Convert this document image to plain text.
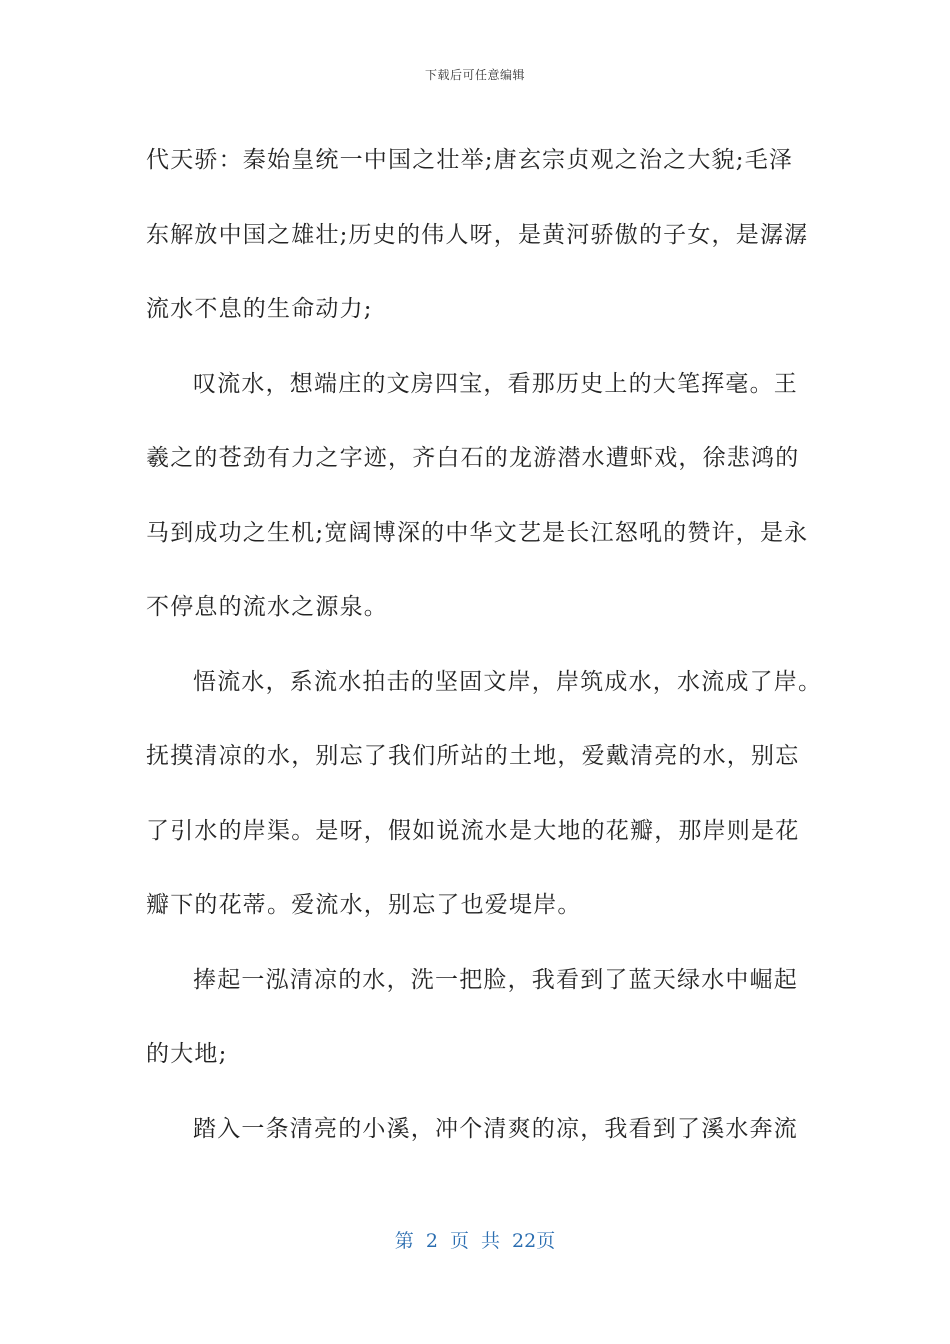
下载后可任意编辑
代天骄：秦始皇统一中国之壮举;唐玄宗贞观之治之大貌;毛泽
东解放中国之雄壮;历史的伟人呀，是黄河骄傲的子女，是潺潺
流水不息的生命动力;
叹流水，想端庄的文房四宝，看那历史上的大笔挥毫。王
羲之的苍劲有力之字迹，齐白石的龙游潜水遭虾戏，徐悲鸿的
马到成功之生机;宽阔博深的中华文艺是长江怒吼的赞许，是永
不停息的流水之源泉。
悟流水，系流水拍击的坚固文岸，岸筑成水，水流成了岸。
抚摸清凉的水，别忘了我们所站的土地，爱戴清亮的水，别忘
了引水的岸渠。是呀，假如说流水是大地的花瓣，那岸则是花
瓣下的花蒂。爱流水，别忘了也爱堤岸。
捧起一泓清凉的水，洗一把脸，我看到了蓝天绿水中崛起
的大地;
踏入一条清亮的小溪，冲个清爽的凉，我看到了溪水奔流
第 2 页 共 22页
